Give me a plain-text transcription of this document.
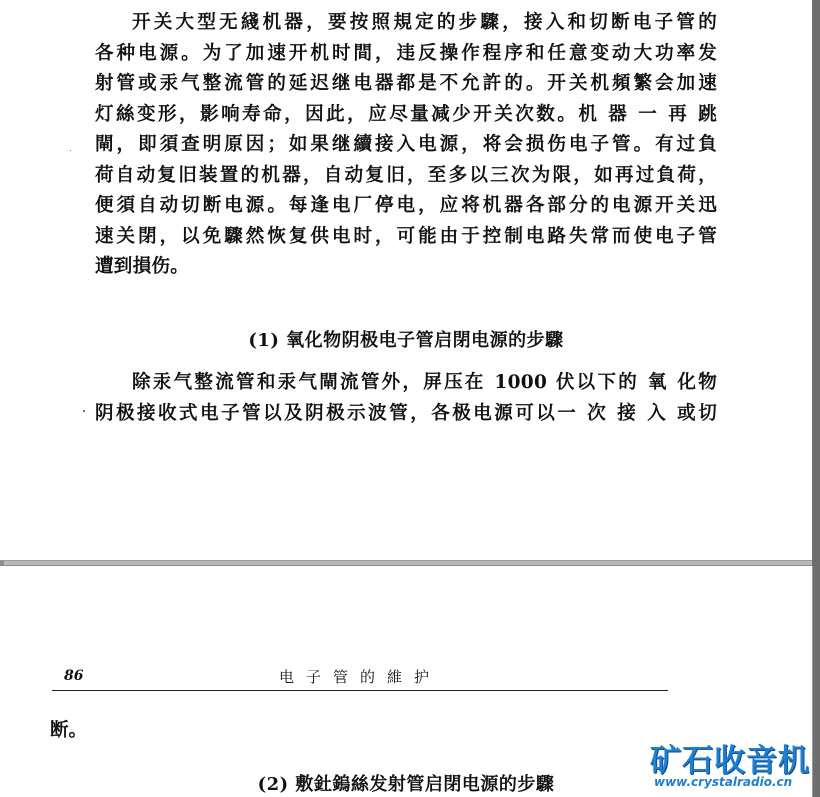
开关大型无綫机器，要按照規定的步驟，接入和切断电子管的
各种电源。为了加速开机时間，违反操作程序和任意变动大功率发
射管或汞气整流管的延迟继电器都是不允許的。开关机頻繁会加速
灯絲变形，影响寿命，因此，应尽量减少开关次数。机 器 一 再 跳
閘，即須查明原因；如果继續接入电源，将会损伤电子管。有过負
荷自动复旧装置的机器，自动复旧，至多以三次为限，如再过負荷，
便須自动切断电源。每逢电厂停电，应将机器各部分的电源开关迅
速关閉，以免驟然恢复供电时，可能由于控制电路失常而使电子管
遭到損伤。

(1) 氧化物阴极电子管启閉电源的步驟

除汞气整流管和汞气閘流管外，屏压在 1000 伏以下的 氧 化物
阴极接收式电子管以及阴极示波管，各极电源可以一 次 接 入 或切

86	电子管的維护
断。

(2) 敷釷鎢絲发射管启閉电源的步驟

矿石收音机
www.crystalradio.cn
